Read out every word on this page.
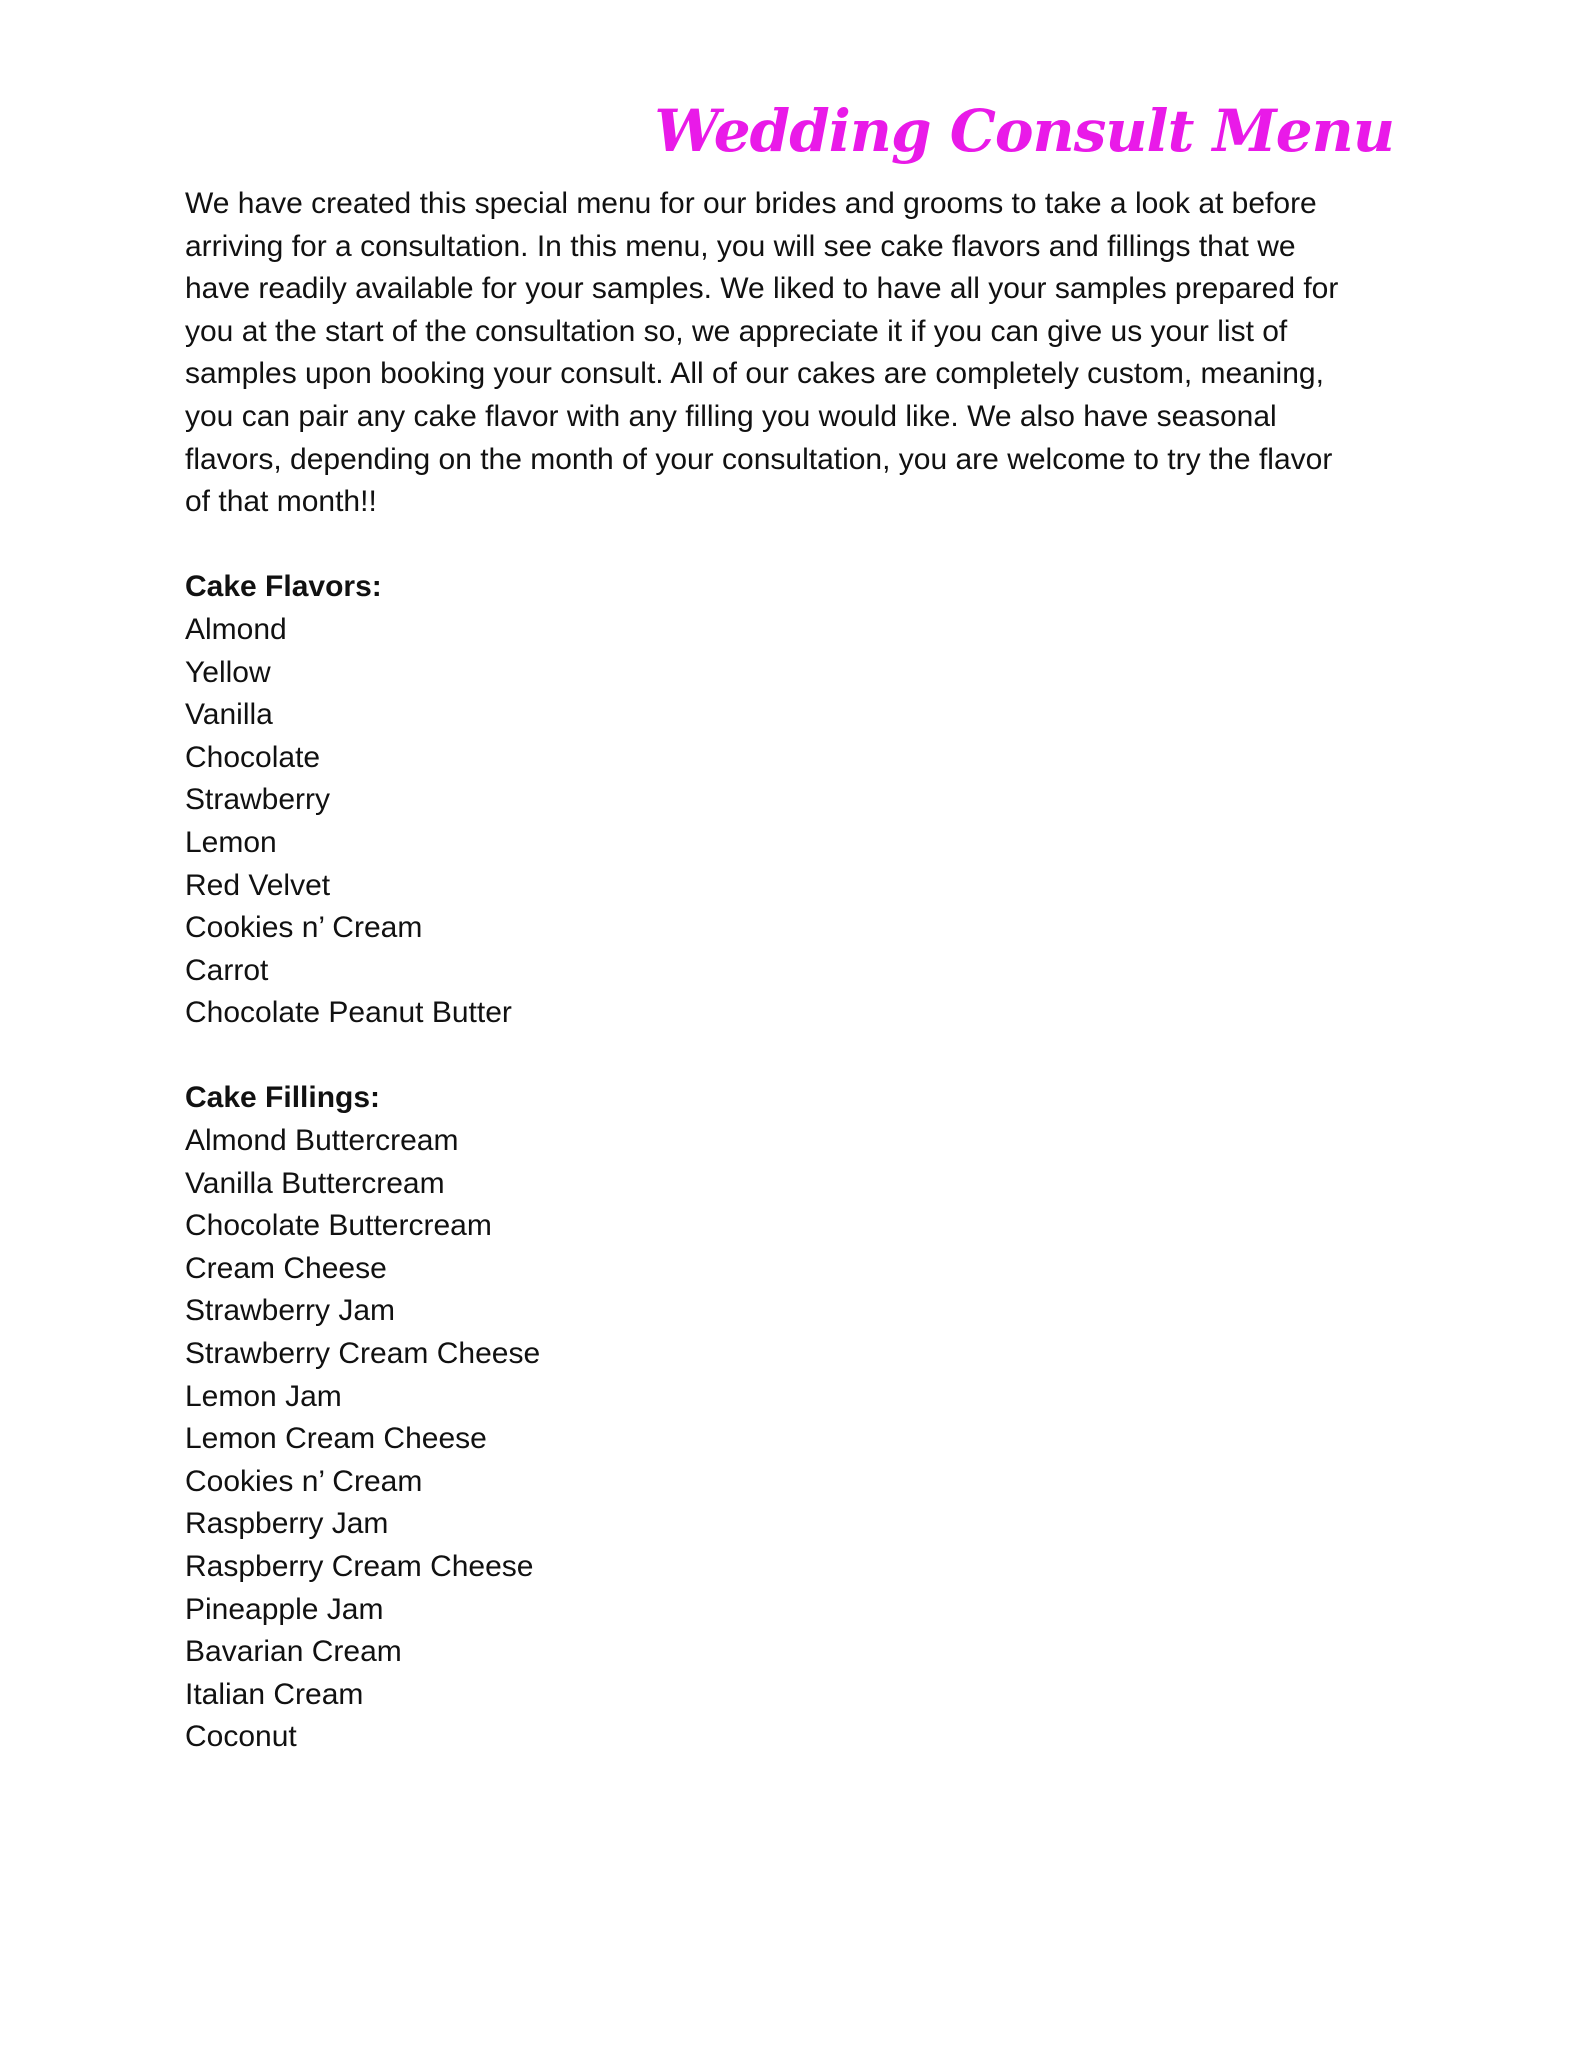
Wedding Consult Menu

We have created this special menu for our brides and grooms to take a look at before
arriving for a consultation. In this menu, you will see cake flavors and fillings that we
have readily available for your samples. We liked to have all your samples prepared for
you at the start of the consultation so, we appreciate it if you can give us your list of
samples upon booking your consult. All of our cakes are completely custom, meaning,
you can pair any cake flavor with any filling you would like. We also have seasonal
flavors, depending on the month of your consultation, you are welcome to try the flavor
of that month!!

Cake Flavors:
Almond
Yellow
Vanilla
Chocolate
Strawberry
Lemon
Red Velvet
Cookies n’ Cream
Carrot
Chocolate Peanut Butter
Cake Fillings:
Almond Buttercream
Vanilla Buttercream
Chocolate Buttercream
Cream Cheese
Strawberry Jam
Strawberry Cream Cheese
Lemon Jam
Lemon Cream Cheese
Cookies n’ Cream
Raspberry Jam
Raspberry Cream Cheese
Pineapple Jam
Bavarian Cream
Italian Cream
Coconut
